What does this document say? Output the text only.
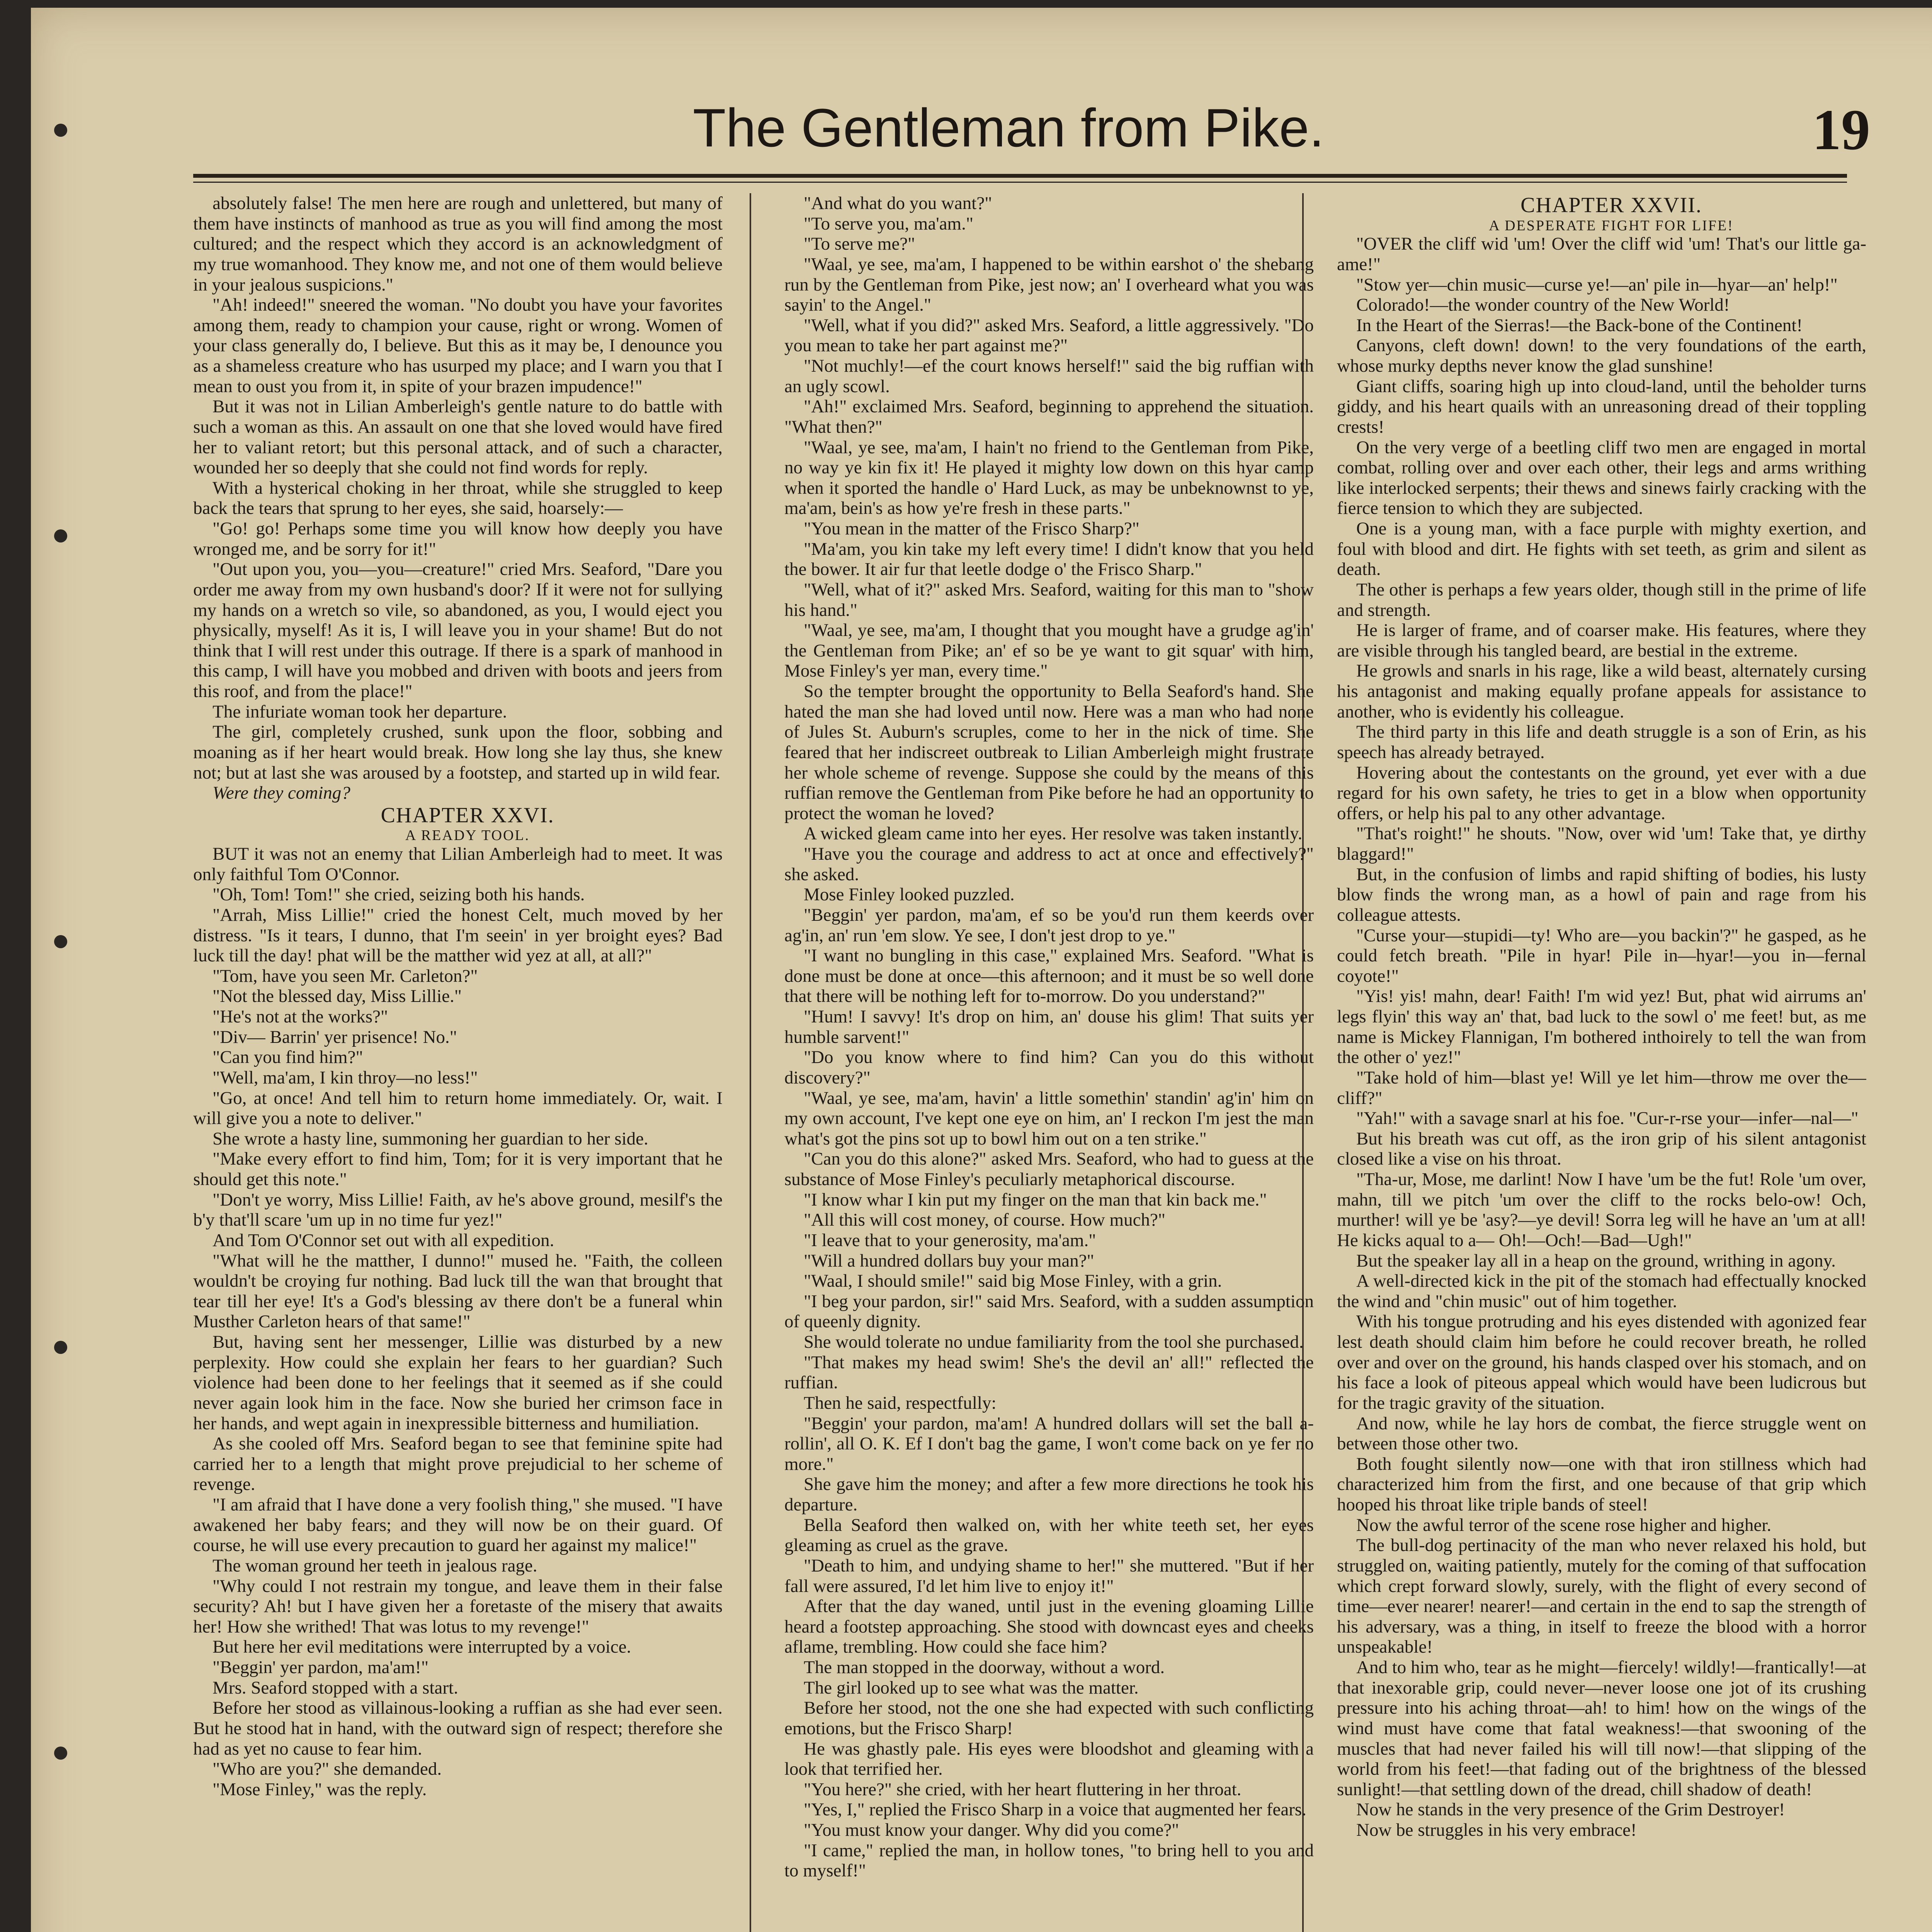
The Gentleman from Pike.	19

absolutely false! The men here are rough and unlettered, but many of them have instincts of manhood as true as you will find among the most cultured; and the respect which they accord is an acknowledgment of my true womanhood. They know me, and not one of them would believe in your jealous suspicions."

"Ah! indeed!" sneered the woman. "No doubt you have your favorites among them, ready to champion your cause, right or wrong. Women of your class generally do, I believe. But this as it may be, I denounce you as a shameless creature who has usurped my place; and I warn you that I mean to oust you from it, in spite of your brazen impudence!"

But it was not in Lilian Amberleigh's gentle nature to do battle with such a woman as this. An assault on one that she loved would have fired her to valiant retort; but this personal attack, and of such a character, wounded her so deeply that she could not find words for reply.

With a hysterical choking in her throat, while she struggled to keep back the tears that sprung to her eyes, she said, hoarsely:—

"Go! go! Perhaps some time you will know how deeply you have wronged me, and be sorry for it!"

"Out upon you, you—you—creature!" cried Mrs. Seaford, "Dare you order me away from my own husband's door? If it were not for sullying my hands on a wretch so vile, so abandoned, as you, I would eject you physically, myself! As it is, I will leave you in your shame! But do not think that I will rest under this outrage. If there is a spark of manhood in this camp, I will have you mobbed and driven with boots and jeers from this roof, and from the place!"

The infuriate woman took her departure.

The girl, completely crushed, sunk upon the floor, sobbing and moaning as if her heart would break. How long she lay thus, she knew not; but at last she was aroused by a footstep, and started up in wild fear.

Were they coming?

CHAPTER XXVI.

A READY TOOL.

BUT it was not an enemy that Lilian Amberleigh had to meet. It was only faithful Tom O'Connor.

"Oh, Tom! Tom!" she cried, seizing both his hands.

"Arrah, Miss Lillie!" cried the honest Celt, much moved by her distress. "Is it tears, I dunno, that I'm seein' in yer broight eyes? Bad luck till the day! phat will be the matther wid yez at all, at all?"

"Tom, have you seen Mr. Carleton?"

"Not the blessed day, Miss Lillie."

"He's not at the works?"

"Div— Barrin' yer prisence! No."

"Can you find him?"

"Well, ma'am, I kin throy—no less!"

"Go, at once! And tell him to return home immediately. Or, wait. I will give you a note to deliver."

She wrote a hasty line, summoning her guardian to her side.

"Make every effort to find him, Tom; for it is very important that he should get this note."

"Don't ye worry, Miss Lillie! Faith, av he's above ground, mesilf's the b'y that'll scare 'um up in no time fur yez!"

And Tom O'Connor set out with all expedition.

"What will he the matther, I dunno!" mused he. "Faith, the colleen wouldn't be croying fur nothing. Bad luck till the wan that brought that tear till her eye! It's a God's blessing av there don't be a funeral whin Musther Carleton hears of that same!"

But, having sent her messenger, Lillie was disturbed by a new perplexity. How could she explain her fears to her guardian? Such violence had been done to her feelings that it seemed as if she could never again look him in the face. Now she buried her crimson face in her hands, and wept again in inexpressible bitterness and humiliation.

As she cooled off Mrs. Seaford began to see that feminine spite had carried her to a length that might prove prejudicial to her scheme of revenge.

"I am afraid that I have done a very foolish thing," she mused. "I have awakened her baby fears; and they will now be on their guard. Of course, he will use every precaution to guard her against my malice!"

The woman ground her teeth in jealous rage.

"Why could I not restrain my tongue, and leave them in their false security? Ah! but I have given her a foretaste of the misery that awaits her! How she writhed! That was lotus to my revenge!"

But here her evil meditations were interrupted by a voice.

"Beggin' yer pardon, ma'am!"

Mrs. Seaford stopped with a start.

Before her stood as villainous-looking a ruffian as she had ever seen. But he stood hat in hand, with the outward sign of respect; therefore she had as yet no cause to fear him.

"Who are you?" she demanded.

"Mose Finley," was the reply.

"And what do you want?"

"To serve you, ma'am."

"To serve me?"

"Waal, ye see, ma'am, I happened to be within earshot o' the shebang run by the Gentleman from Pike, jest now; an' I overheard what you was sayin' to the Angel."

"Well, what if you did?" asked Mrs. Seaford, a little aggressively. "Do you mean to take her part against me?"

"Not muchly!—ef the court knows herself!" said the big ruffian with an ugly scowl.

"Ah!" exclaimed Mrs. Seaford, beginning to apprehend the situation. "What then?"

"Waal, ye see, ma'am, I hain't no friend to the Gentleman from Pike, no way ye kin fix it! He played it mighty low down on this hyar camp when it sported the handle o' Hard Luck, as may be unbeknownst to ye, ma'am, bein's as how ye're fresh in these parts."

"You mean in the matter of the Frisco Sharp?"

"Ma'am, you kin take my left every time! I didn't know that you held the bower. It air fur that leetle dodge o' the Frisco Sharp."

"Well, what of it?" asked Mrs. Seaford, waiting for this man to "show his hand."

"Waal, ye see, ma'am, I thought that you mought have a grudge ag'in' the Gentleman from Pike; an' ef so be ye want to git squar' with him, Mose Finley's yer man, every time."

So the tempter brought the opportunity to Bella Seaford's hand. She hated the man she had loved until now. Here was a man who had none of Jules St. Auburn's scruples, come to her in the nick of time. She feared that her indiscreet outbreak to Lilian Amberleigh might frustrate her whole scheme of revenge. Suppose she could by the means of this ruffian remove the Gentleman from Pike before he had an opportunity to protect the woman he loved?

A wicked gleam came into her eyes. Her resolve was taken instantly.

"Have you the courage and address to act at once and effectively?" she asked.

Mose Finley looked puzzled.

"Beggin' yer pardon, ma'am, ef so be you'd run them keerds over ag'in, an' run 'em slow. Ye see, I don't jest drop to ye."

"I want no bungling in this case," explained Mrs. Seaford. "What is done must be done at once—this afternoon; and it must be so well done that there will be nothing left for to-morrow. Do you understand?"

"Hum! I savvy! It's drop on him, an' douse his glim! That suits yer humble sarvent!"

"Do you know where to find him? Can you do this without discovery?"

"Waal, ye see, ma'am, havin' a little somethin' standin' ag'in' him on my own account, I've kept one eye on him, an' I reckon I'm jest the man what's got the pins sot up to bowl him out on a ten strike."

"Can you do this alone?" asked Mrs. Seaford, who had to guess at the substance of Mose Finley's peculiarly metaphorical discourse.

"I know whar I kin put my finger on the man that kin back me."

"All this will cost money, of course. How much?"

"I leave that to your generosity, ma'am."

"Will a hundred dollars buy your man?"

"Waal, I should smile!" said big Mose Finley, with a grin.

"I beg your pardon, sir!" said Mrs. Seaford, with a sudden assumption of queenly dignity.

She would tolerate no undue familiarity from the tool she purchased.

"That makes my head swim! She's the devil an' all!" reflected the ruffian.

Then he said, respectfully:

"Beggin' your pardon, ma'am! A hundred dollars will set the ball a-rollin', all O. K. Ef I don't bag the game, I won't come back on ye fer no more."

She gave him the money; and after a few more directions he took his departure.

Bella Seaford then walked on, with her white teeth set, her eyes gleaming as cruel as the grave.

"Death to him, and undying shame to her!" she muttered. "But if her fall were assured, I'd let him live to enjoy it!"

After that the day waned, until just in the evening gloaming Lillie heard a footstep approaching. She stood with downcast eyes and cheeks aflame, trembling. How could she face him?

The man stopped in the doorway, without a word.

The girl looked up to see what was the matter.

Before her stood, not the one she had expected with such conflicting emotions, but the Frisco Sharp!

He was ghastly pale. His eyes were bloodshot and gleaming with a look that terrified her.

"You here?" she cried, with her heart fluttering in her throat.

"Yes, I," replied the Frisco Sharp in a voice that augmented her fears.

"You must know your danger. Why did you come?"

"I came," replied the man, in hollow tones, "to bring hell to you and to myself!"

CHAPTER XXVII.

A DESPERATE FIGHT FOR LIFE!

"OVER the cliff wid 'um! Over the cliff wid 'um! That's our little ga-ame!"

"Stow yer—chin music—curse ye!—an' pile in—hyar—an' help!"

Colorado!—the wonder country of the New World!

In the Heart of the Sierras!—the Back-bone of the Continent!

Canyons, cleft down! down! to the very foundations of the earth, whose murky depths never know the glad sunshine!

Giant cliffs, soaring high up into cloud-land, until the beholder turns giddy, and his heart quails with an unreasoning dread of their toppling crests!

On the very verge of a beetling cliff two men are engaged in mortal combat, rolling over and over each other, their legs and arms writhing like interlocked serpents; their thews and sinews fairly cracking with the fierce tension to which they are subjected.

One is a young man, with a face purple with mighty exertion, and foul with blood and dirt. He fights with set teeth, as grim and silent as death.

The other is perhaps a few years older, though still in the prime of life and strength.

He is larger of frame, and of coarser make. His features, where they are visible through his tangled beard, are bestial in the extreme.

He growls and snarls in his rage, like a wild beast, alternately cursing his antagonist and making equally profane appeals for assistance to another, who is evidently his colleague.

The third party in this life and death struggle is a son of Erin, as his speech has already betrayed.

Hovering about the contestants on the ground, yet ever with a due regard for his own safety, he tries to get in a blow when opportunity offers, or help his pal to any other advantage.

"That's roight!" he shouts. "Now, over wid 'um! Take that, ye dirthy blaggard!"

But, in the confusion of limbs and rapid shifting of bodies, his lusty blow finds the wrong man, as a howl of pain and rage from his colleague attests.

"Curse your—stupidi—ty! Who are—you backin'?" he gasped, as he could fetch breath. "Pile in hyar! Pile in—hyar!—you in—fernal coyote!"

"Yis! yis! mahn, dear! Faith! I'm wid yez! But, phat wid airrums an' legs flyin' this way an' that, bad luck to the sowl o' me feet! but, as me name is Mickey Flannigan, I'm bothered inthoirely to tell the wan from the other o' yez!"

"Take hold of him—blast ye! Will ye let him—throw me over the—cliff?"

"Yah!" with a savage snarl at his foe. "Cur-r-rse your—infer—nal—"

But his breath was cut off, as the iron grip of his silent antagonist closed like a vise on his throat.

"Tha-ur, Mose, me darlint! Now I have 'um be the fut! Role 'um over, mahn, till we pitch 'um over the cliff to the rocks belo-ow! Och, murther! will ye be 'asy?—ye devil! Sorra leg will he have an 'um at all! He kicks aqual to a— Oh!—Och!—Bad—Ugh!"

But the speaker lay all in a heap on the ground, writhing in agony.

A well-directed kick in the pit of the stomach had effectually knocked the wind and "chin music" out of him together.

With his tongue protruding and his eyes distended with agonized fear lest death should claim him before he could recover breath, he rolled over and over on the ground, his hands clasped over his stomach, and on his face a look of piteous appeal which would have been ludicrous but for the tragic gravity of the situation.

And now, while he lay hors de combat, the fierce struggle went on between those other two.

Both fought silently now—one with that iron stillness which had characterized him from the first, and one because of that grip which hooped his throat like triple bands of steel!

Now the awful terror of the scene rose higher and higher.

The bull-dog pertinacity of the man who never relaxed his hold, but struggled on, waiting patiently, mutely for the coming of that suffocation which crept forward slowly, surely, with the flight of every second of time—ever nearer! nearer!—and certain in the end to sap the strength of his adversary, was a thing, in itself to freeze the blood with a horror unspeakable!

And to him who, tear as he might—fiercely! wildly!—frantically!—at that inexorable grip, could never—never loose one jot of its crushing pressure into his aching throat—ah! to him! how on the wings of the wind must have come that fatal weakness!—that swooning of the muscles that had never failed his will till now!—that slipping of the world from his feet!—that fading out of the brightness of the blessed sunlight!—that settling down of the dread, chill shadow of death!

Now he stands in the very presence of the Grim Destroyer!

Now be struggles in his very embrace!
